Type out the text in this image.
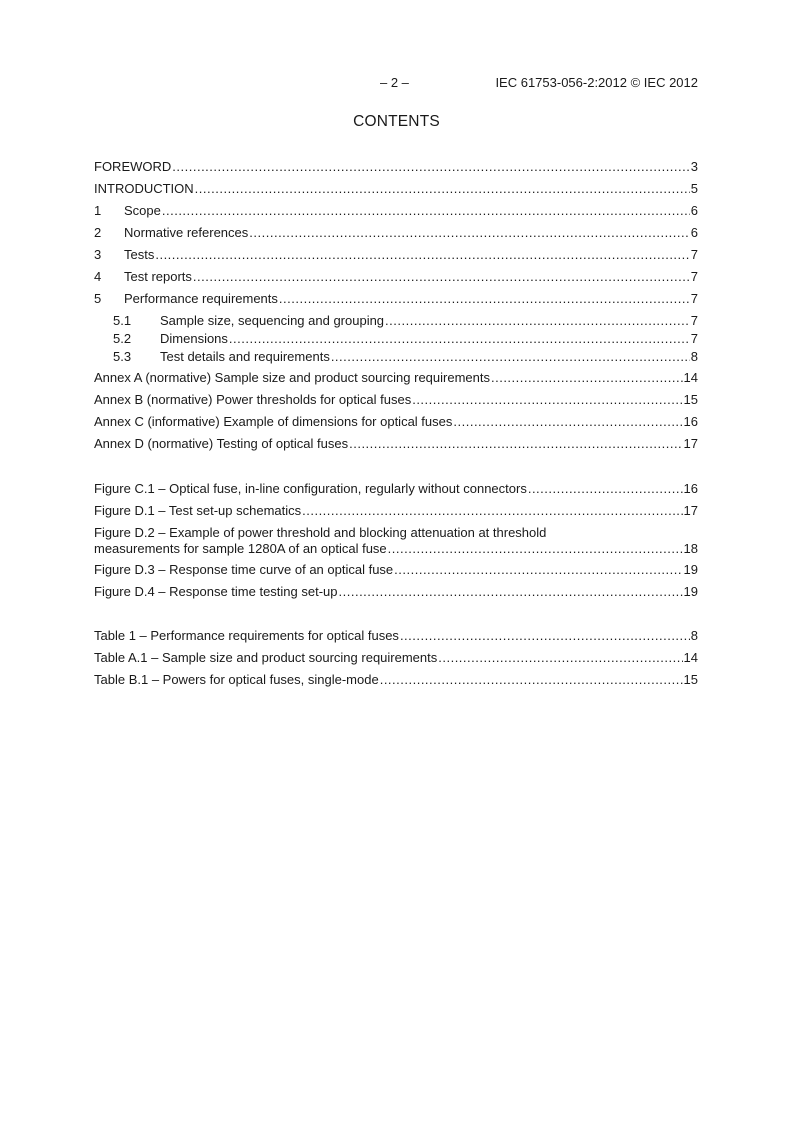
– 2 –	IEC 61753-056-2:2012 © IEC 2012
CONTENTS
FOREWORD .....	3
INTRODUCTION .....	5
1	Scope .....	6
2	Normative references .....	6
3	Tests .....	7
4	Test reports .....	7
5	Performance requirements .....	7
5.1	Sample size, sequencing and grouping .....	7
5.2	Dimensions .....	7
5.3	Test details and requirements .....	8
Annex A (normative) Sample size and product sourcing requirements .....	14
Annex B (normative) Power thresholds for optical fuses .....	15
Annex C (informative) Example of dimensions for optical fuses .....	16
Annex D (normative) Testing of optical fuses .....	17
Figure C.1 – Optical fuse, in-line configuration, regularly without connectors .....	16
Figure D.1 – Test set-up schematics .....	17
Figure D.2 – Example of power threshold and blocking attenuation at threshold
measurements for sample 1280A of an optical fuse .....	18
Figure D.3 – Response time curve of an optical fuse .....	19
Figure D.4 – Response time testing set-up .....	19
Table 1 – Performance requirements for optical fuses .....	8
Table A.1 – Sample size and product sourcing requirements .....	14
Table B.1 – Powers for optical fuses, single-mode .....	15
